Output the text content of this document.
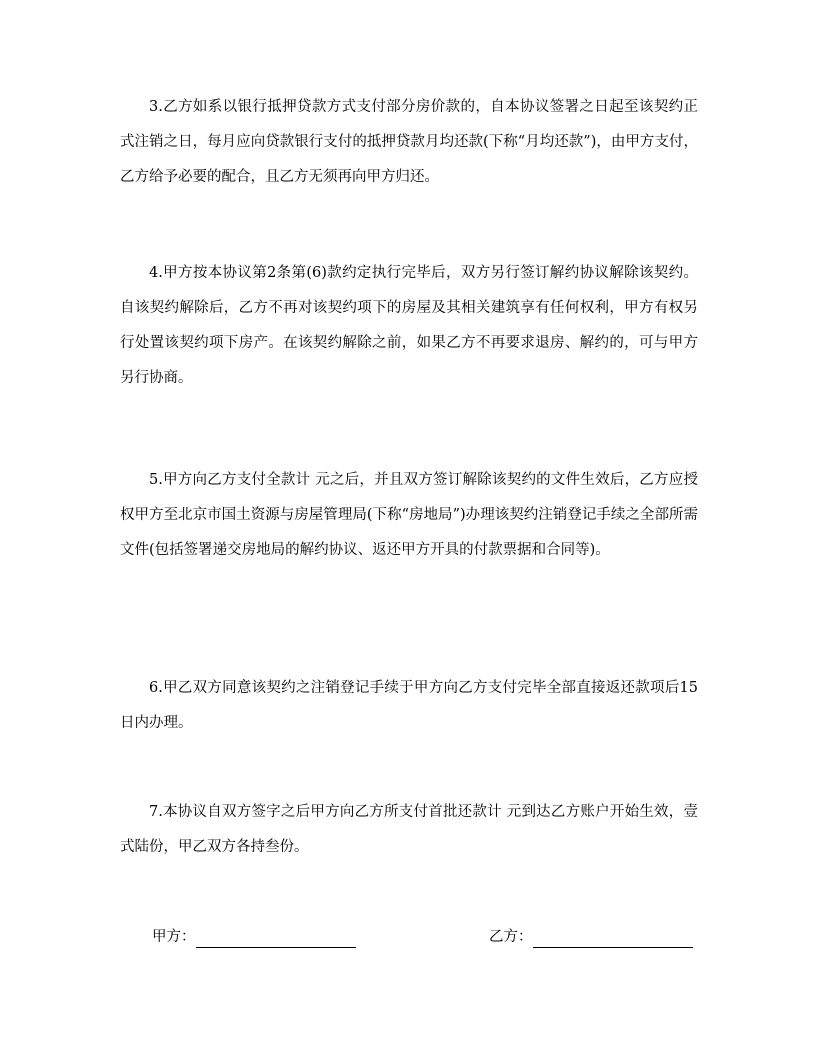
3.乙方如系以银行抵押贷款方式支付部分房价款的，自本协议签署之日起至该契约正式注销之日，每月应向贷款银行支付的抵押贷款月均还款(下称“月均还款”)，由甲方支付，乙方给予必要的配合，且乙方无须再向甲方归还。

4.甲方按本协议第2条第(6)款约定执行完毕后，双方另行签订解约协议解除该契约。自该契约解除后，乙方不再对该契约项下的房屋及其相关建筑享有任何权利，甲方有权另行处置该契约项下房产。在该契约解除之前，如果乙方不再要求退房、解约的，可与甲方另行协商。

5.甲方向乙方支付全款计 元之后，并且双方签订解除该契约的文件生效后，乙方应授权甲方至北京市国土资源与房屋管理局(下称“房地局”)办理该契约注销登记手续之全部所需文件(包括签署递交房地局的解约协议、返还甲方开具的付款票据和合同等)。

6.甲乙双方同意该契约之注销登记手续于甲方向乙方支付完毕全部直接返还款项后15日内办理。

7.本协议自双方签字之后甲方向乙方所支付首批还款计 元到达乙方账户开始生效，壹式陆份，甲乙双方各持叁份。

甲方：	乙方：
